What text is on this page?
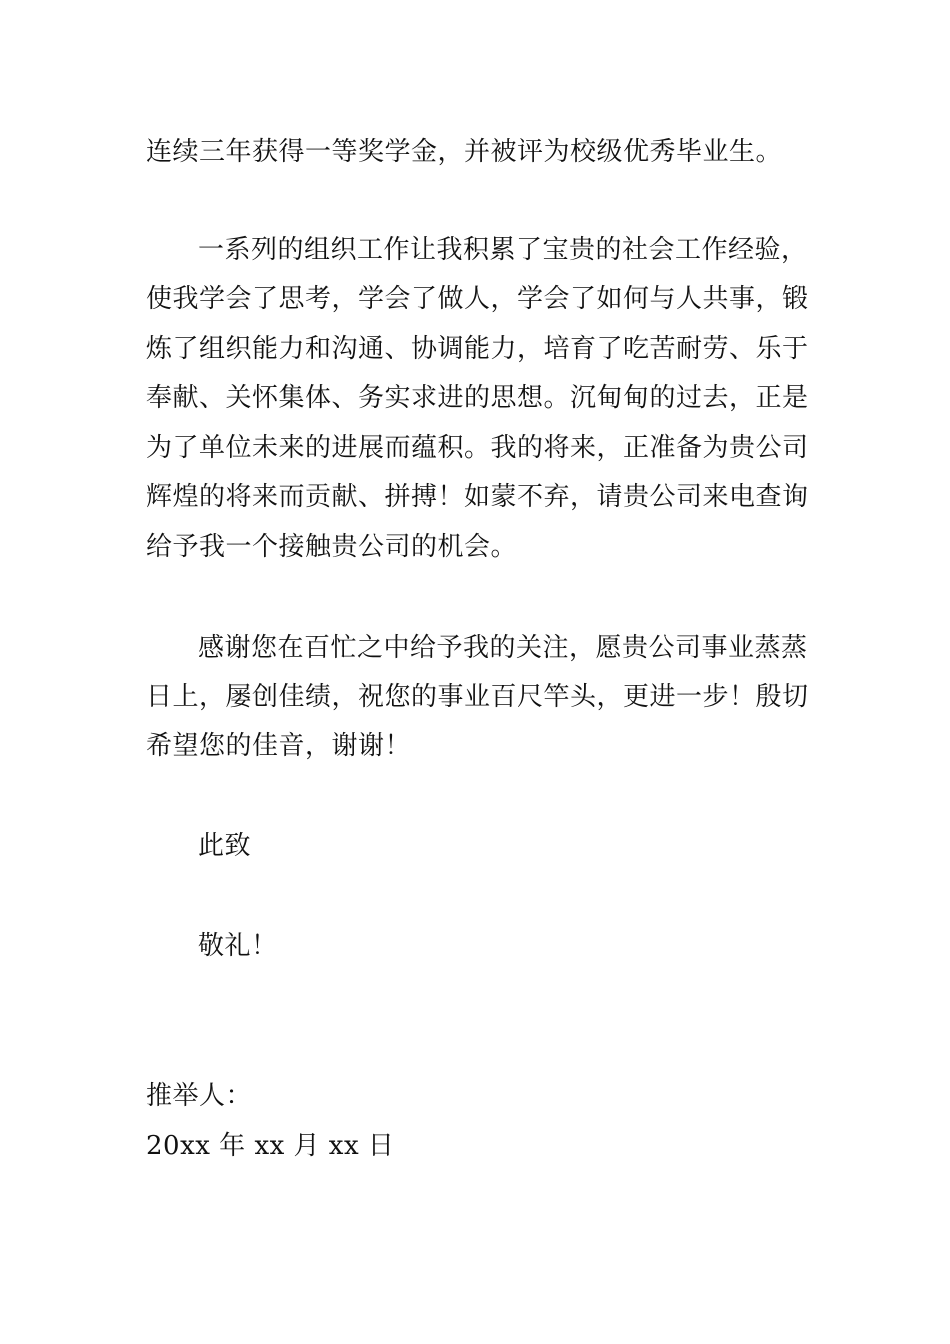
连续三年获得一等奖学金，并被评为校级优秀毕业生。
一系列的组织工作让我积累了宝贵的社会工作经验，
使我学会了思考，学会了做人，学会了如何与人共事，锻
炼了组织能力和沟通、协调能力，培育了吃苦耐劳、乐于
奉献、关怀集体、务实求进的思想。沉甸甸的过去，正是
为了单位未来的进展而蕴积。我的将来，正准备为贵公司
辉煌的将来而贡献、拼搏！如蒙不弃，请贵公司来电查询
给予我一个接触贵公司的机会。
感谢您在百忙之中给予我的关注，愿贵公司事业蒸蒸
日上，屡创佳绩，祝您的事业百尺竿头，更进一步！殷切
希望您的佳音，谢谢！
此致
敬礼！
推举人：
20xx 年 xx 月 xx 日
